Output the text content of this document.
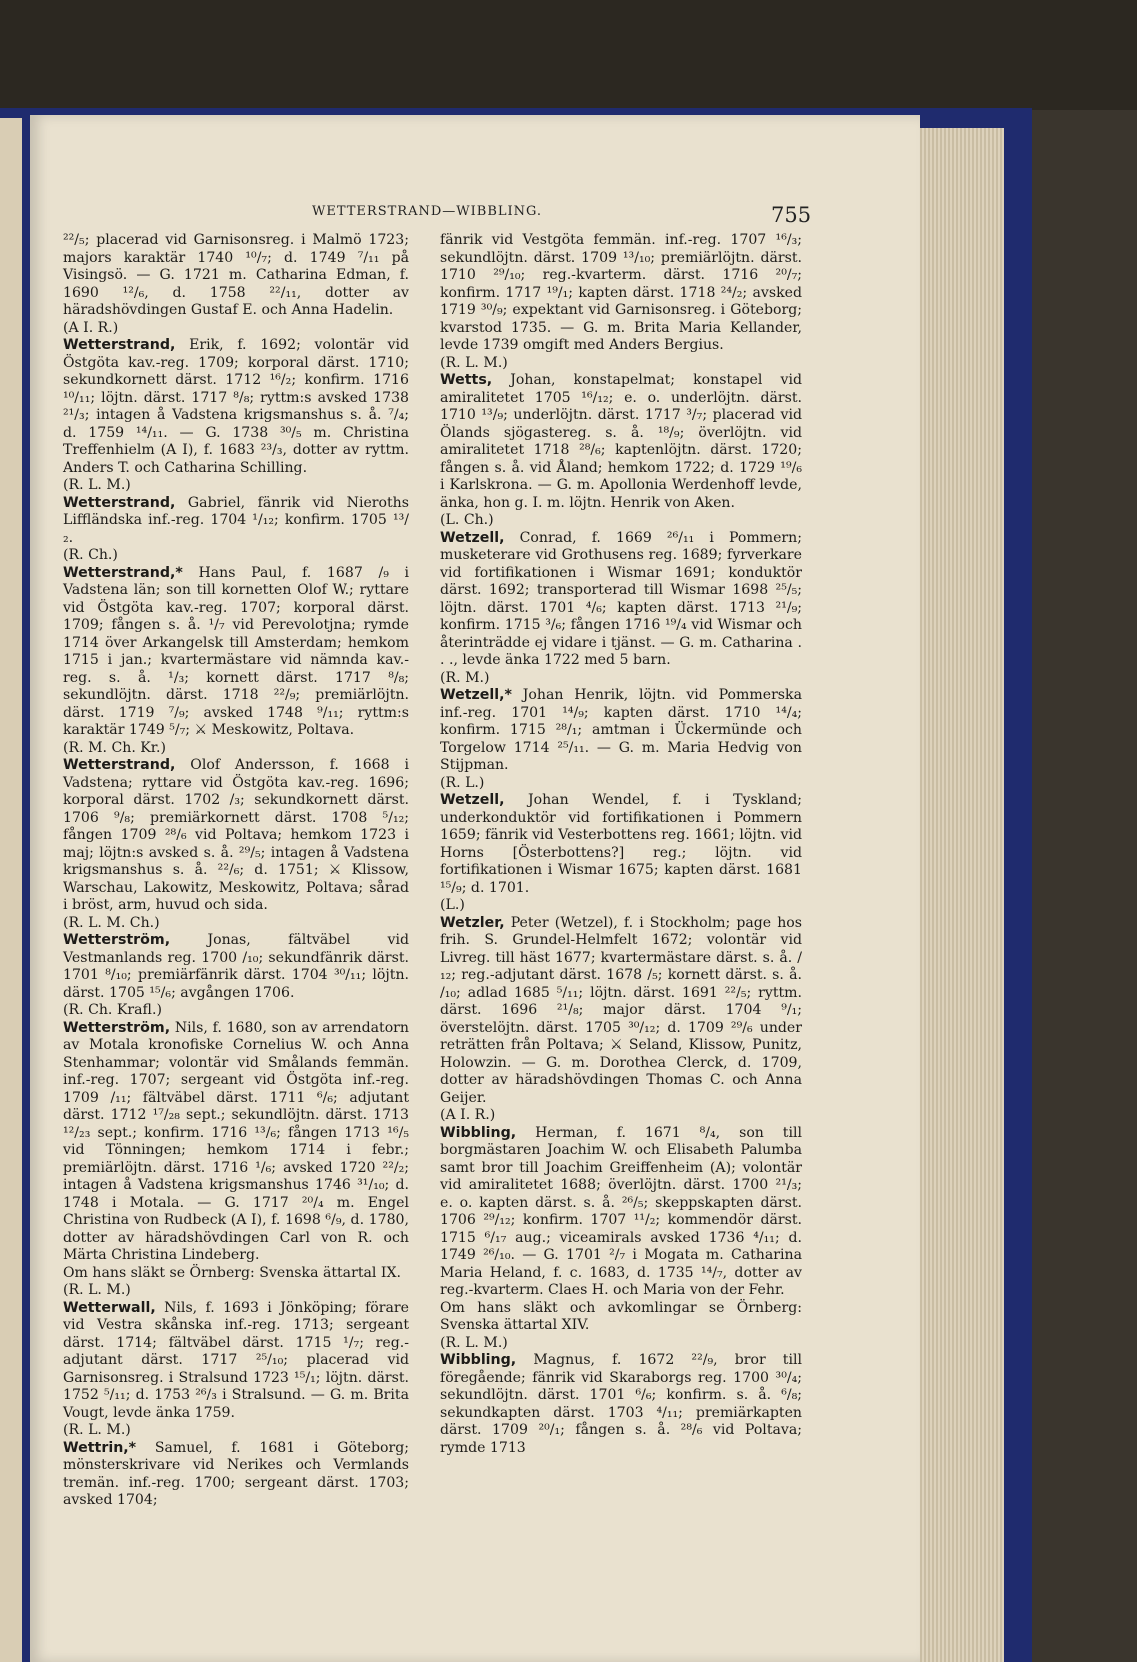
WETTERSTRAND—WIBBLING.	755

²²/₅; placerad vid Garnisonsreg. i Malmö 1723; majors karaktär 1740 ¹⁰/₇; d. 1749 ⁷/₁₁ på Visingsö. — G. 1721 m. Catharina Edman, f. 1690 ¹²/₆, d. 1758 ²²/₁₁, dotter av häradshövdingen Gustaf E. och Anna Hadelin.

(A I. R.)

Wetterstrand, Erik, f. 1692; volontär vid Östgöta kav.-reg. 1709; korporal därst. 1710; sekundkornett därst. 1712 ¹⁶/₂; konfirm. 1716 ¹⁰/₁₁; löjtn. därst. 1717 ⁸/₈; ryttm:s avsked 1738 ²¹/₃; intagen å Vadstena krigsmanshus s. å. ⁷/₄; d. 1759 ¹⁴/₁₁. — G. 1738 ³⁰/₅ m. Christina Treffenhielm (A I), f. 1683 ²³/₃, dotter av ryttm. Anders T. och Catharina Schilling.

(R. L. M.)

Wetterstrand, Gabriel, fänrik vid Nieroths Liffländska inf.-reg. 1704 ¹/₁₂; konfirm. 1705 ¹³/₂.

(R. Ch.)

Wetterstrand,* Hans Paul, f. 1687 /₉ i Vadstena län; son till kornetten Olof W.; ryttare vid Östgöta kav.-reg. 1707; korporal därst. 1709; fången s. å. ¹/₇ vid Perevolotjna; rymde 1714 över Arkangelsk till Amsterdam; hemkom 1715 i jan.; kvartermästare vid nämnda kav.-reg. s. å. ¹/₃; kornett därst. 1717 ⁸/₈; sekundlöjtn. därst. 1718 ²²/₉; premiärlöjtn. därst. 1719 ⁷/₉; avsked 1748 ⁹/₁₁; ryttm:s karaktär 1749 ⁵/₇; ⚔ Meskowitz, Poltava.

(R. M. Ch. Kr.)

Wetterstrand, Olof Andersson, f. 1668 i Vadstena; ryttare vid Östgöta kav.-reg. 1696; korporal därst. 1702 /₃; sekundkornett därst. 1706 ⁹/₈; premiärkornett därst. 1708 ⁵/₁₂; fången 1709 ²⁸/₆ vid Poltava; hemkom 1723 i maj; löjtn:s avsked s. å. ²⁹/₅; intagen å Vadstena krigsmanshus s. å. ²²/₆; d. 1751; ⚔ Klissow, Warschau, Lakowitz, Meskowitz, Poltava; sårad i bröst, arm, huvud och sida.

(R. L. M. Ch.)

Wetterström, Jonas, fältväbel vid Vestmanlands reg. 1700 /₁₀; sekundfänrik därst. 1701 ⁸/₁₀; premiärfänrik därst. 1704 ³⁰/₁₁; löjtn. därst. 1705 ¹⁵/₆; avgången 1706.

(R. Ch. Krafl.)

Wetterström, Nils, f. 1680, son av arrendatorn av Motala kronofiske Cornelius W. och Anna Stenhammar; volontär vid Smålands femmän. inf.-reg. 1707; sergeant vid Östgöta inf.-reg. 1709 /₁₁; fältväbel därst. 1711 ⁶/₆; adjutant därst. 1712 ¹⁷/₂₈ sept.; sekundlöjtn. därst. 1713 ¹²/₂₃ sept.; konfirm. 1716 ¹³/₆; fången 1713 ¹⁶/₅ vid Tönningen; hemkom 1714 i febr.; premiärlöjtn. därst. 1716 ¹/₆; avsked 1720 ²²/₂; intagen å Vadstena krigsmanshus 1746 ³¹/₁₀; d. 1748 i Motala. — G. 1717 ²⁰/₄ m. Engel Christina von Rudbeck (A I), f. 1698 ⁶/₉, d. 1780, dotter av häradshövdingen Carl von R. och Märta Christina Lindeberg.

Om hans släkt se Örnberg: Svenska ättartal IX.

(R. L. M.)

Wetterwall, Nils, f. 1693 i Jönköping; förare vid Vestra skånska inf.-reg. 1713; sergeant därst. 1714; fältväbel därst. 1715 ¹/₇; reg.-adjutant därst. 1717 ²⁵/₁₀; placerad vid Garnisonsreg. i Stralsund 1723 ¹⁵/₁; löjtn. därst. 1752 ⁵/₁₁; d. 1753 ²⁶/₃ i Stralsund. — G. m. Brita Vougt, levde änka 1759.

(R. L. M.)

Wettrin,* Samuel, f. 1681 i Göteborg; mönsterskrivare vid Nerikes och Vermlands tremän. inf.-reg. 1700; sergeant därst. 1703; avsked 1704;

fänrik vid Vestgöta femmän. inf.-reg. 1707 ¹⁶/₃; sekundlöjtn. därst. 1709 ¹³/₁₀; premiärlöjtn. därst. 1710 ²⁹/₁₀; reg.-kvarterm. därst. 1716 ²⁰/₇; konfirm. 1717 ¹⁹/₁; kapten därst. 1718 ²⁴/₂; avsked 1719 ³⁰/₉; expektant vid Garnisonsreg. i Göteborg; kvarstod 1735. — G. m. Brita Maria Kellander, levde 1739 omgift med Anders Bergius.

(R. L. M.)

Wetts, Johan, konstapelmat; konstapel vid amiralitetet 1705 ¹⁶/₁₂; e. o. underlöjtn. därst. 1710 ¹³/₉; underlöjtn. därst. 1717 ³/₇; placerad vid Ölands sjögastereg. s. å. ¹⁸/₉; överlöjtn. vid amiralitetet 1718 ²⁸/₆; kaptenlöjtn. därst. 1720; fången s. å. vid Åland; hemkom 1722; d. 1729 ¹⁹/₆ i Karlskrona. — G. m. Apollonia Werdenhoff levde, änka, hon g. I. m. löjtn. Henrik von Aken.

(L. Ch.)

Wetzell, Conrad, f. 1669 ²⁶/₁₁ i Pommern; musketerare vid Grothusens reg. 1689; fyrverkare vid fortifikationen i Wismar 1691; konduktör därst. 1692; transporterad till Wismar 1698 ²⁵/₅; löjtn. därst. 1701 ⁴/₆; kapten därst. 1713 ²¹/₉; konfirm. 1715 ³/₆; fången 1716 ¹⁹/₄ vid Wismar och återinträdde ej vidare i tjänst. — G. m. Catharina . . ., levde änka 1722 med 5 barn.

(R. M.)

Wetzell,* Johan Henrik, löjtn. vid Pommerska inf.-reg. 1701 ¹⁴/₉; kapten därst. 1710 ¹⁴/₄; konfirm. 1715 ²⁸/₁; amtman i Ückermünde och Torgelow 1714 ²⁵/₁₁. — G. m. Maria Hedvig von Stijpman.

(R. L.)

Wetzell, Johan Wendel, f. i Tyskland; underkonduktör vid fortifikationen i Pommern 1659; fänrik vid Vesterbottens reg. 1661; löjtn. vid Horns [Österbottens?] reg.; löjtn. vid fortifikationen i Wismar 1675; kapten därst. 1681 ¹⁵/₉; d. 1701.

(L.)

Wetzler, Peter (Wetzel), f. i Stockholm; page hos frih. S. Grundel-Helmfelt 1672; volontär vid Livreg. till häst 1677; kvartermästare därst. s. å. /₁₂; reg.-adjutant därst. 1678 /₅; kornett därst. s. å. /₁₀; adlad 1685 ⁵/₁₁; löjtn. därst. 1691 ²²/₅; ryttm. därst. 1696 ²¹/₈; major därst. 1704 ⁹/₁; överstelöjtn. därst. 1705 ³⁰/₁₂; d. 1709 ²⁹/₆ under reträtten från Poltava; ⚔ Seland, Klissow, Punitz, Holowzin. — G. m. Dorothea Clerck, d. 1709, dotter av häradshövdingen Thomas C. och Anna Geijer.

(A I. R.)

Wibbling, Herman, f. 1671 ⁸/₄, son till borgmästaren Joachim W. och Elisabeth Palumba samt bror till Joachim Greiffenheim (A); volontär vid amiralitetet 1688; överlöjtn. därst. 1700 ²¹/₃; e. o. kapten därst. s. å. ²⁶/₅; skeppskapten därst. 1706 ²⁹/₁₂; konfirm. 1707 ¹¹/₂; kommendör därst. 1715 ⁶/₁₇ aug.; viceamirals avsked 1736 ⁴/₁₁; d. 1749 ²⁶/₁₀. — G. 1701 ²/₇ i Mogata m. Catharina Maria Heland, f. c. 1683, d. 1735 ¹⁴/₇, dotter av reg.-kvarterm. Claes H. och Maria von der Fehr.

Om hans släkt och avkomlingar se Örnberg: Svenska ättartal XIV.

(R. L. M.)

Wibbling, Magnus, f. 1672 ²²/₉, bror till föregående; fänrik vid Skaraborgs reg. 1700 ³⁰/₄; sekundlöjtn. därst. 1701 ⁶/₆; konfirm. s. å. ⁶/₈; sekundkapten därst. 1703 ⁴/₁₁; premiärkapten därst. 1709 ²⁰/₁; fången s. å. ²⁸/₆ vid Poltava; rymde 1713
